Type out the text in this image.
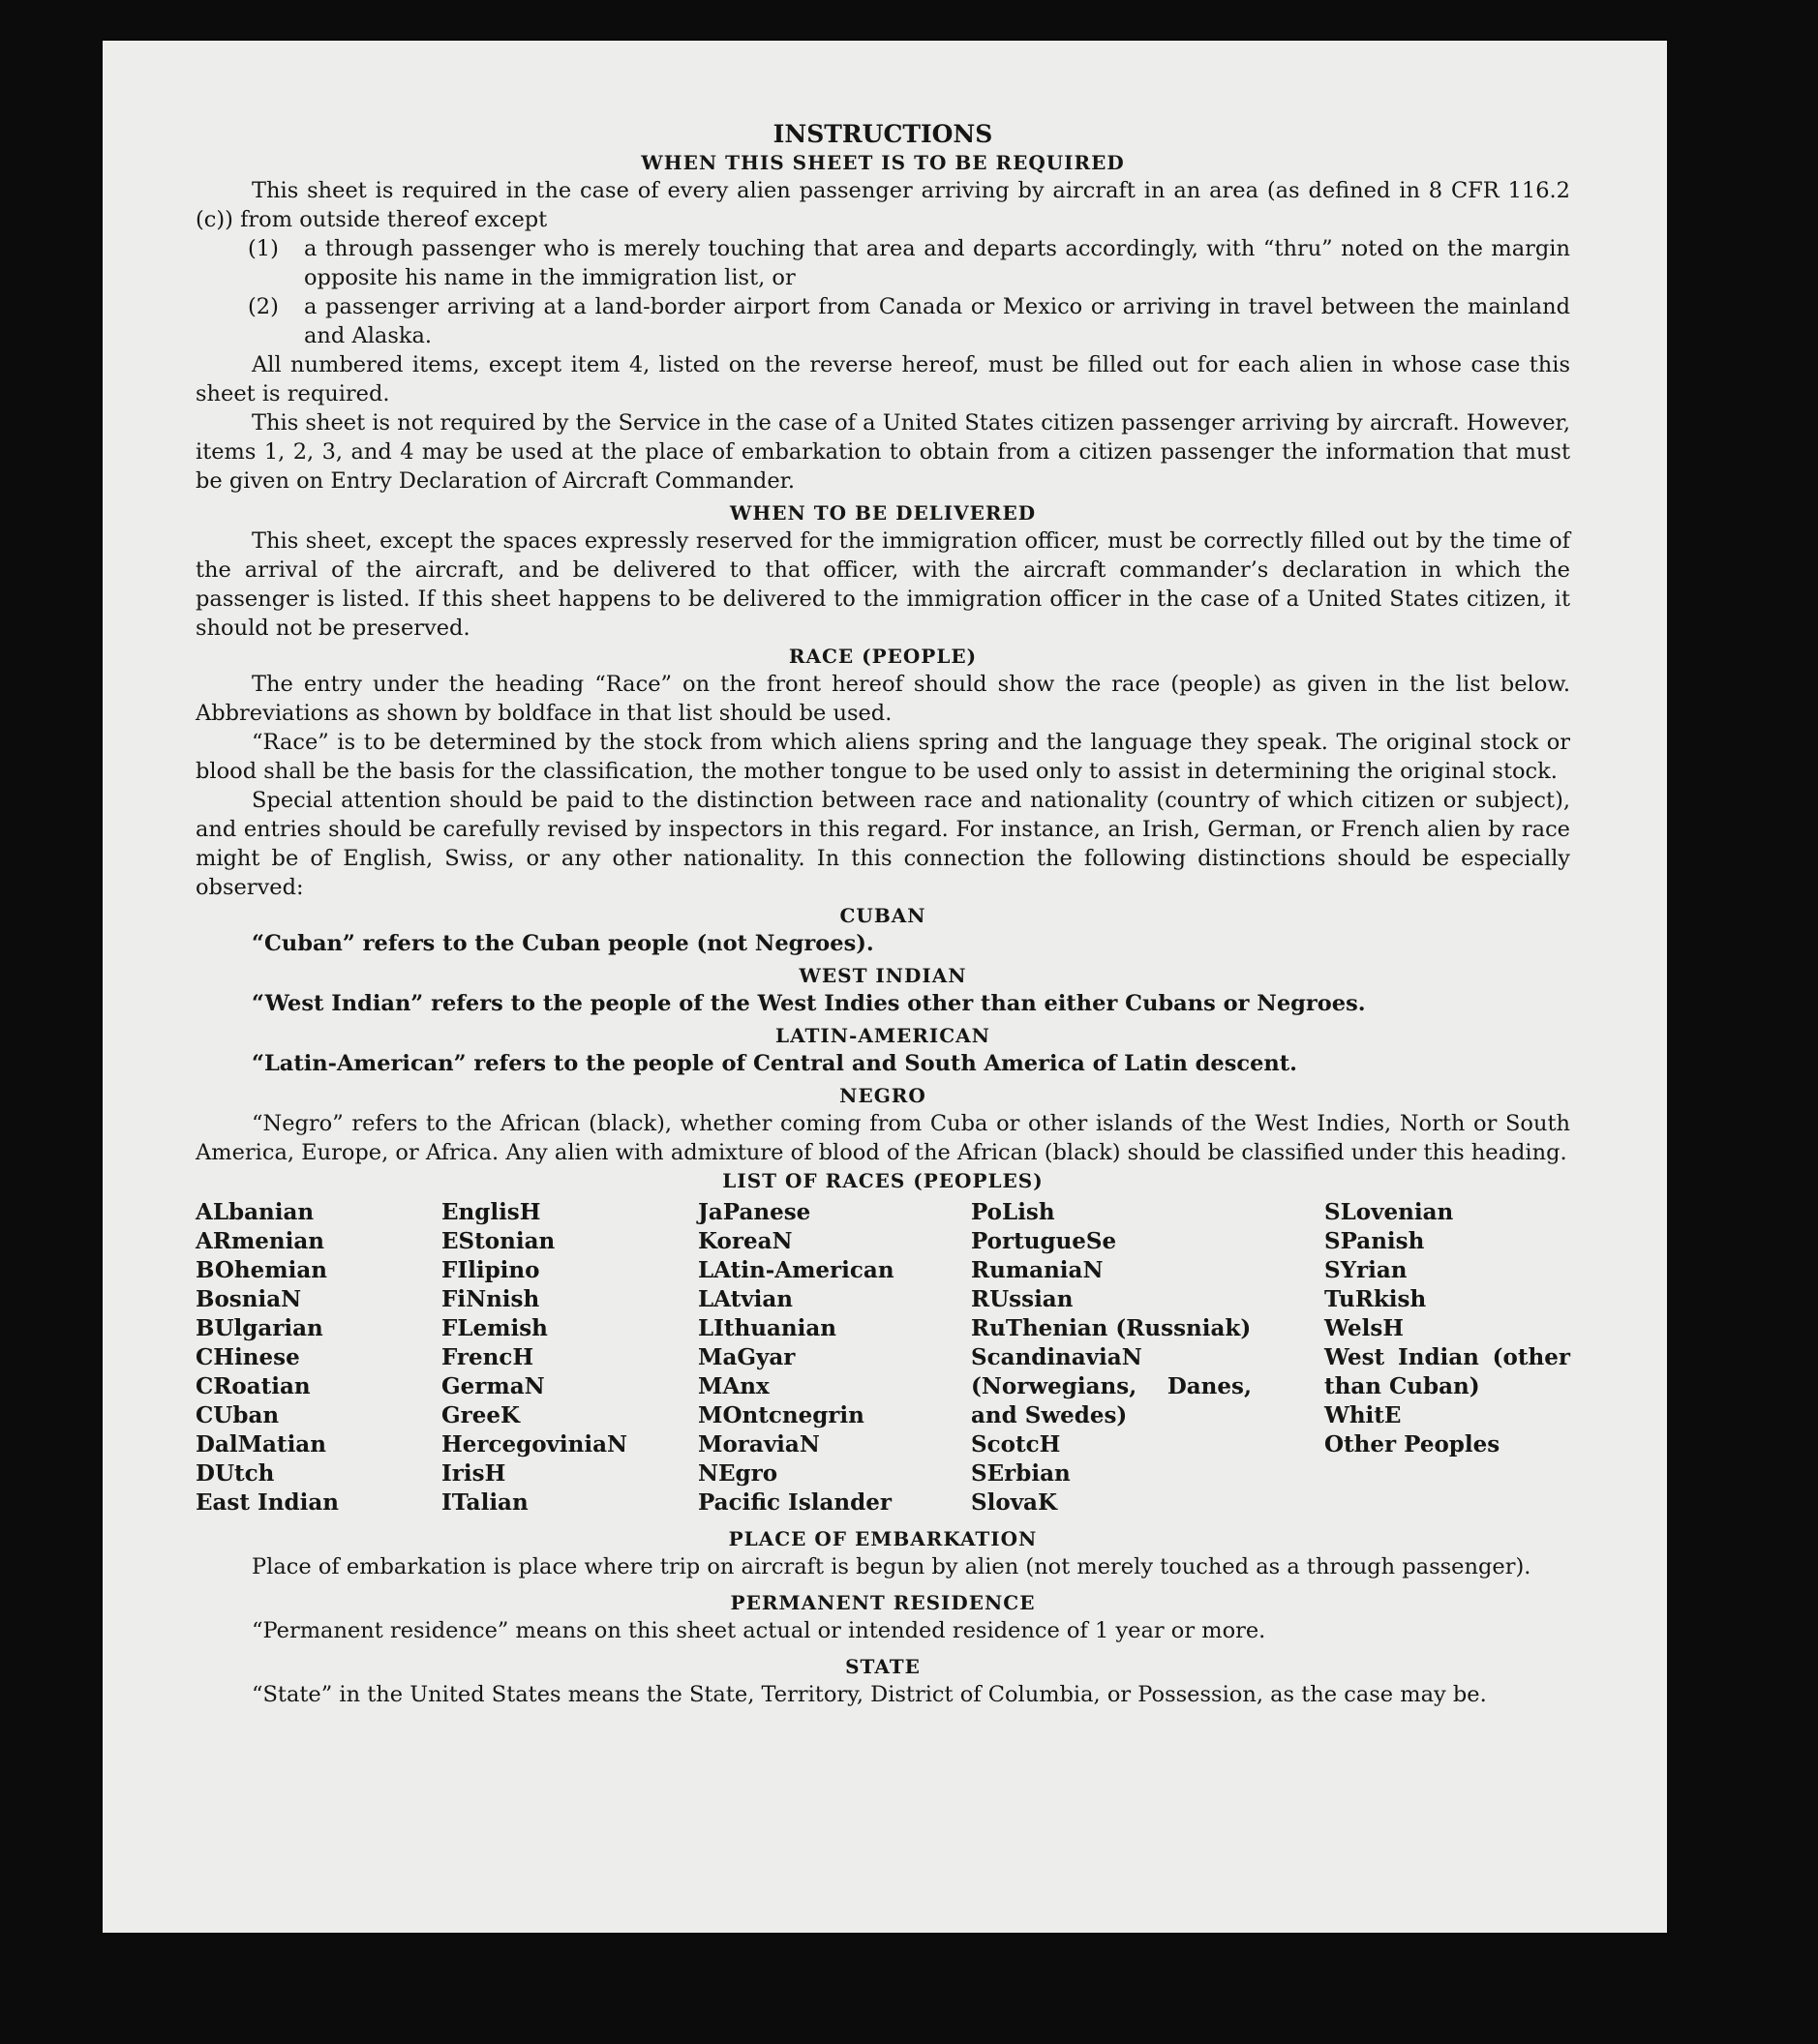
INSTRUCTIONS
WHEN THIS SHEET IS TO BE REQUIRED

This sheet is required in the case of every alien passenger arriving by aircraft in an area (as defined in 8 CFR 116.2 (c)) from outside thereof except

(1)	a through passenger who is merely touching that area and departs accordingly, with “thru” noted on the margin opposite his name in the immigration list, or
(2)	a passenger arriving at a land-border airport from Canada or Mexico or arriving in travel between the mainland and Alaska.

All numbered items, except item 4, listed on the reverse hereof, must be filled out for each alien in whose case this sheet is required.

This sheet is not required by the Service in the case of a United States citizen passenger arriving by aircraft. However, items 1, 2, 3, and 4 may be used at the place of embarkation to obtain from a citizen passenger the information that must be given on Entry Declaration of Aircraft Commander.

WHEN TO BE DELIVERED

This sheet, except the spaces expressly reserved for the immigration officer, must be correctly filled out by the time of the arrival of the aircraft, and be delivered to that officer, with the aircraft commander’s declaration in which the passenger is listed. If this sheet happens to be delivered to the immigration officer in the case of a United States citizen, it should not be preserved.

RACE (PEOPLE)

The entry under the heading “Race” on the front hereof should show the race (people) as given in the list below. Abbreviations as shown by boldface in that list should be used.

“Race” is to be determined by the stock from which aliens spring and the language they speak. The original stock or blood shall be the basis for the classification, the mother tongue to be used only to assist in determining the original stock.

Special attention should be paid to the distinction between race and nationality (country of which citizen or subject), and entries should be carefully revised by inspectors in this regard. For instance, an Irish, German, or French alien by race might be of English, Swiss, or any other nationality. In this connection the following distinctions should be especially observed:

CUBAN

“Cuban” refers to the Cuban people (not Negroes).

WEST INDIAN

“West Indian” refers to the people of the West Indies other than either Cubans or Negroes.

LATIN-AMERICAN

“Latin-American” refers to the people of Central and South America of Latin descent.

NEGRO

“Negro” refers to the African (black), whether coming from Cuba or other islands of the West Indies, North or South America, Europe, or Africa. Any alien with admixture of blood of the African (black) should be classified under this heading.

LIST OF RACES (PEOPLES)
ALbanian
ARmenian
BOhemian
BosniaN
BUlgarian
CHinese
CRoatian
CUban
DalMatian
DUtch
East Indian
EnglisH
EStonian
FIlipino
FiNnish
FLemish
FrencH
GermaN
GreeK
HercegoviniaN
IrisH
ITalian
JaPanese
KoreaN
LAtin-American
LAtvian
LIthuanian
MaGyar
MAnx
MOntcnegrin
MoraviaN
NEgro
Pacific Islander
PoLish
PortugueSe
RumaniaN
RUssian
RuThenian (Russniak)
ScandinaviaN (Norwegians, Danes, and Swedes)
ScotcH
SErbian
SlovaK
SLovenian
SPanish
SYrian
TuRkish
WelsH
West Indian (other than Cuban)
WhitE
Other Peoples
PLACE OF EMBARKATION

Place of embarkation is place where trip on aircraft is begun by alien (not merely touched as a through passenger).

PERMANENT RESIDENCE

“Permanent residence” means on this sheet actual or intended residence of 1 year or more.

STATE

“State” in the United States means the State, Territory, District of Columbia, or Possession, as the case may be.
